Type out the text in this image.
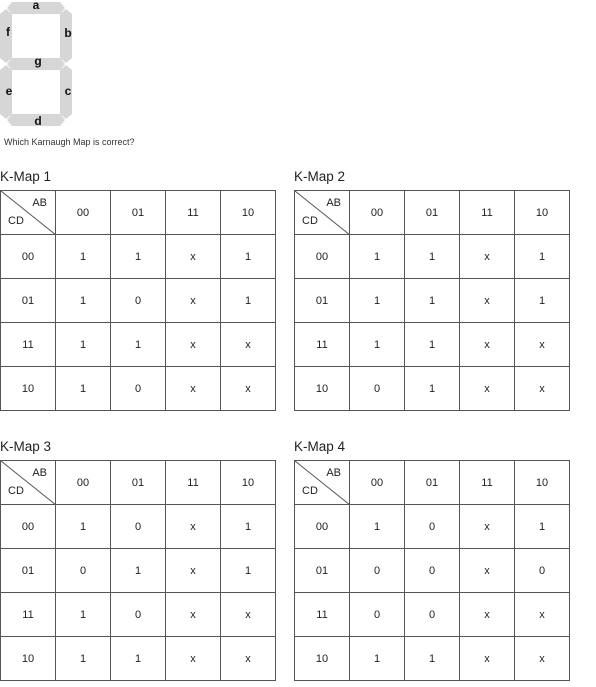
a
f	b
g
e	c
d
Which Karnaugh Map is correct?
K-Map 1
AB
CD	00	01	11	10
00	1	1	x	1
01	1	0	x	1
11	1	1	x	x
10	1	0	x	x
K-Map 2
AB
CD	00	01	11	10
00	1	1	x	1
01	1	1	x	1
11	1	1	x	x
10	0	1	x	x
K-Map 3
AB
CD	00	01	11	10
00	1	0	x	1
01	0	1	x	1
11	1	0	x	x
10	1	1	x	x
K-Map 4
AB
CD	00	01	11	10
00	1	0	x	1
01	0	0	x	0
11	0	0	x	x
10	1	1	x	x
